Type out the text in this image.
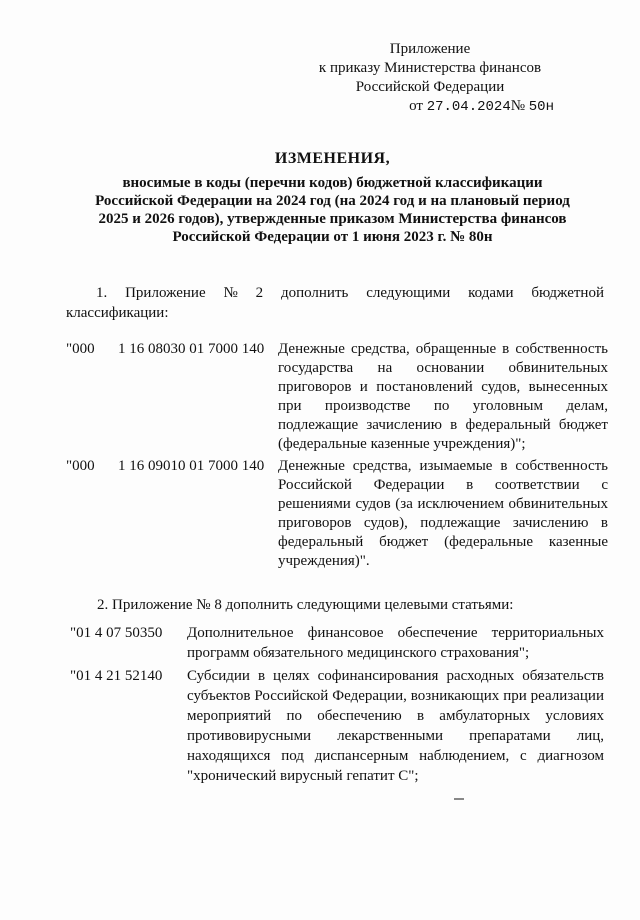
Приложение
к приказу Министерства финансов
Российской Федерации
от 27.04.2024№ 50н
ИЗМЕНЕНИЯ,
вносимые в коды (перечни кодов) бюджетной классификации
Российской Федерации на 2024 год (на 2024 год и на плановый период
2025 и 2026 годов), утвержденные приказом Министерства финансов
Российской Федерации от 1 июня 2023 г. № 80н
1. Приложение № 2 дополнить следующими кодами бюджетной
классификации:
"000	1 16 08030 01 7000 140 Денежные средства, обращенные в собственность государства на основании обвинительных приговоров и постановлений судов, вынесенных при производстве по уголовным делам, подлежащие зачислению в федеральный бюджет (федеральные казенные учреждения)";
"000	1 16 09010 01 7000 140 Денежные средства, изымаемые в собственность Российской Федерации в соответствии с решениями судов (за исключением обвинительных приговоров судов), подлежащие зачислению в федеральный бюджет (федеральные казенные учреждения)".
2. Приложение № 8 дополнить следующими целевыми статьями:
"01 4 07 50350	Дополнительное финансовое обеспечение территориальных программ обязательного медицинского страхования";
"01 4 21 52140	Субсидии в целях софинансирования расходных обязательств субъектов Российской Федерации, возникающих при реализации мероприятий по обеспечению в амбулаторных условиях противовирусными лекарственными препаратами лиц, находящихся под диспансерным наблюдением, с диагнозом "хронический вирусный гепатит С";
